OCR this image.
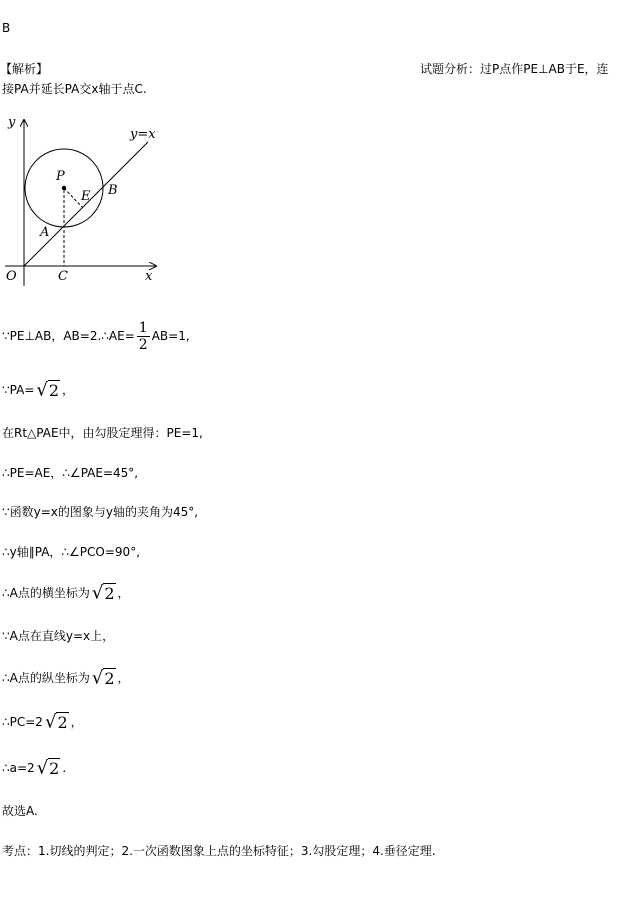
B
【解析】	试题分析：过P点作PE⊥AB于E，连
接PA并延长PA交x轴于点C.
y
x
O
y=x
P
E B
A
C
∵PE⊥AB，AB=2.∴AE= $\frac{1}{2} AB=1$,
∵PA= √2 ，
在Rt△PAE中，由勾股定理得：PE=1,
∴PE=AE，∴∠PAE=45°,
∵函数y=x的图象与y轴的夹角为45°,
∴y轴∥PA，∴∠PCO=90°,
∴A点的横坐标为 √2 ，
∵A点在直线y=x上，
∴A点的纵坐标为 √2 ，
∴PC=2 √2 ，
∴a=2 √2 .
故选A.
考点：1.切线的判定；2.一次函数图象上点的坐标特征；3.勾股定理；4.垂径定理.
